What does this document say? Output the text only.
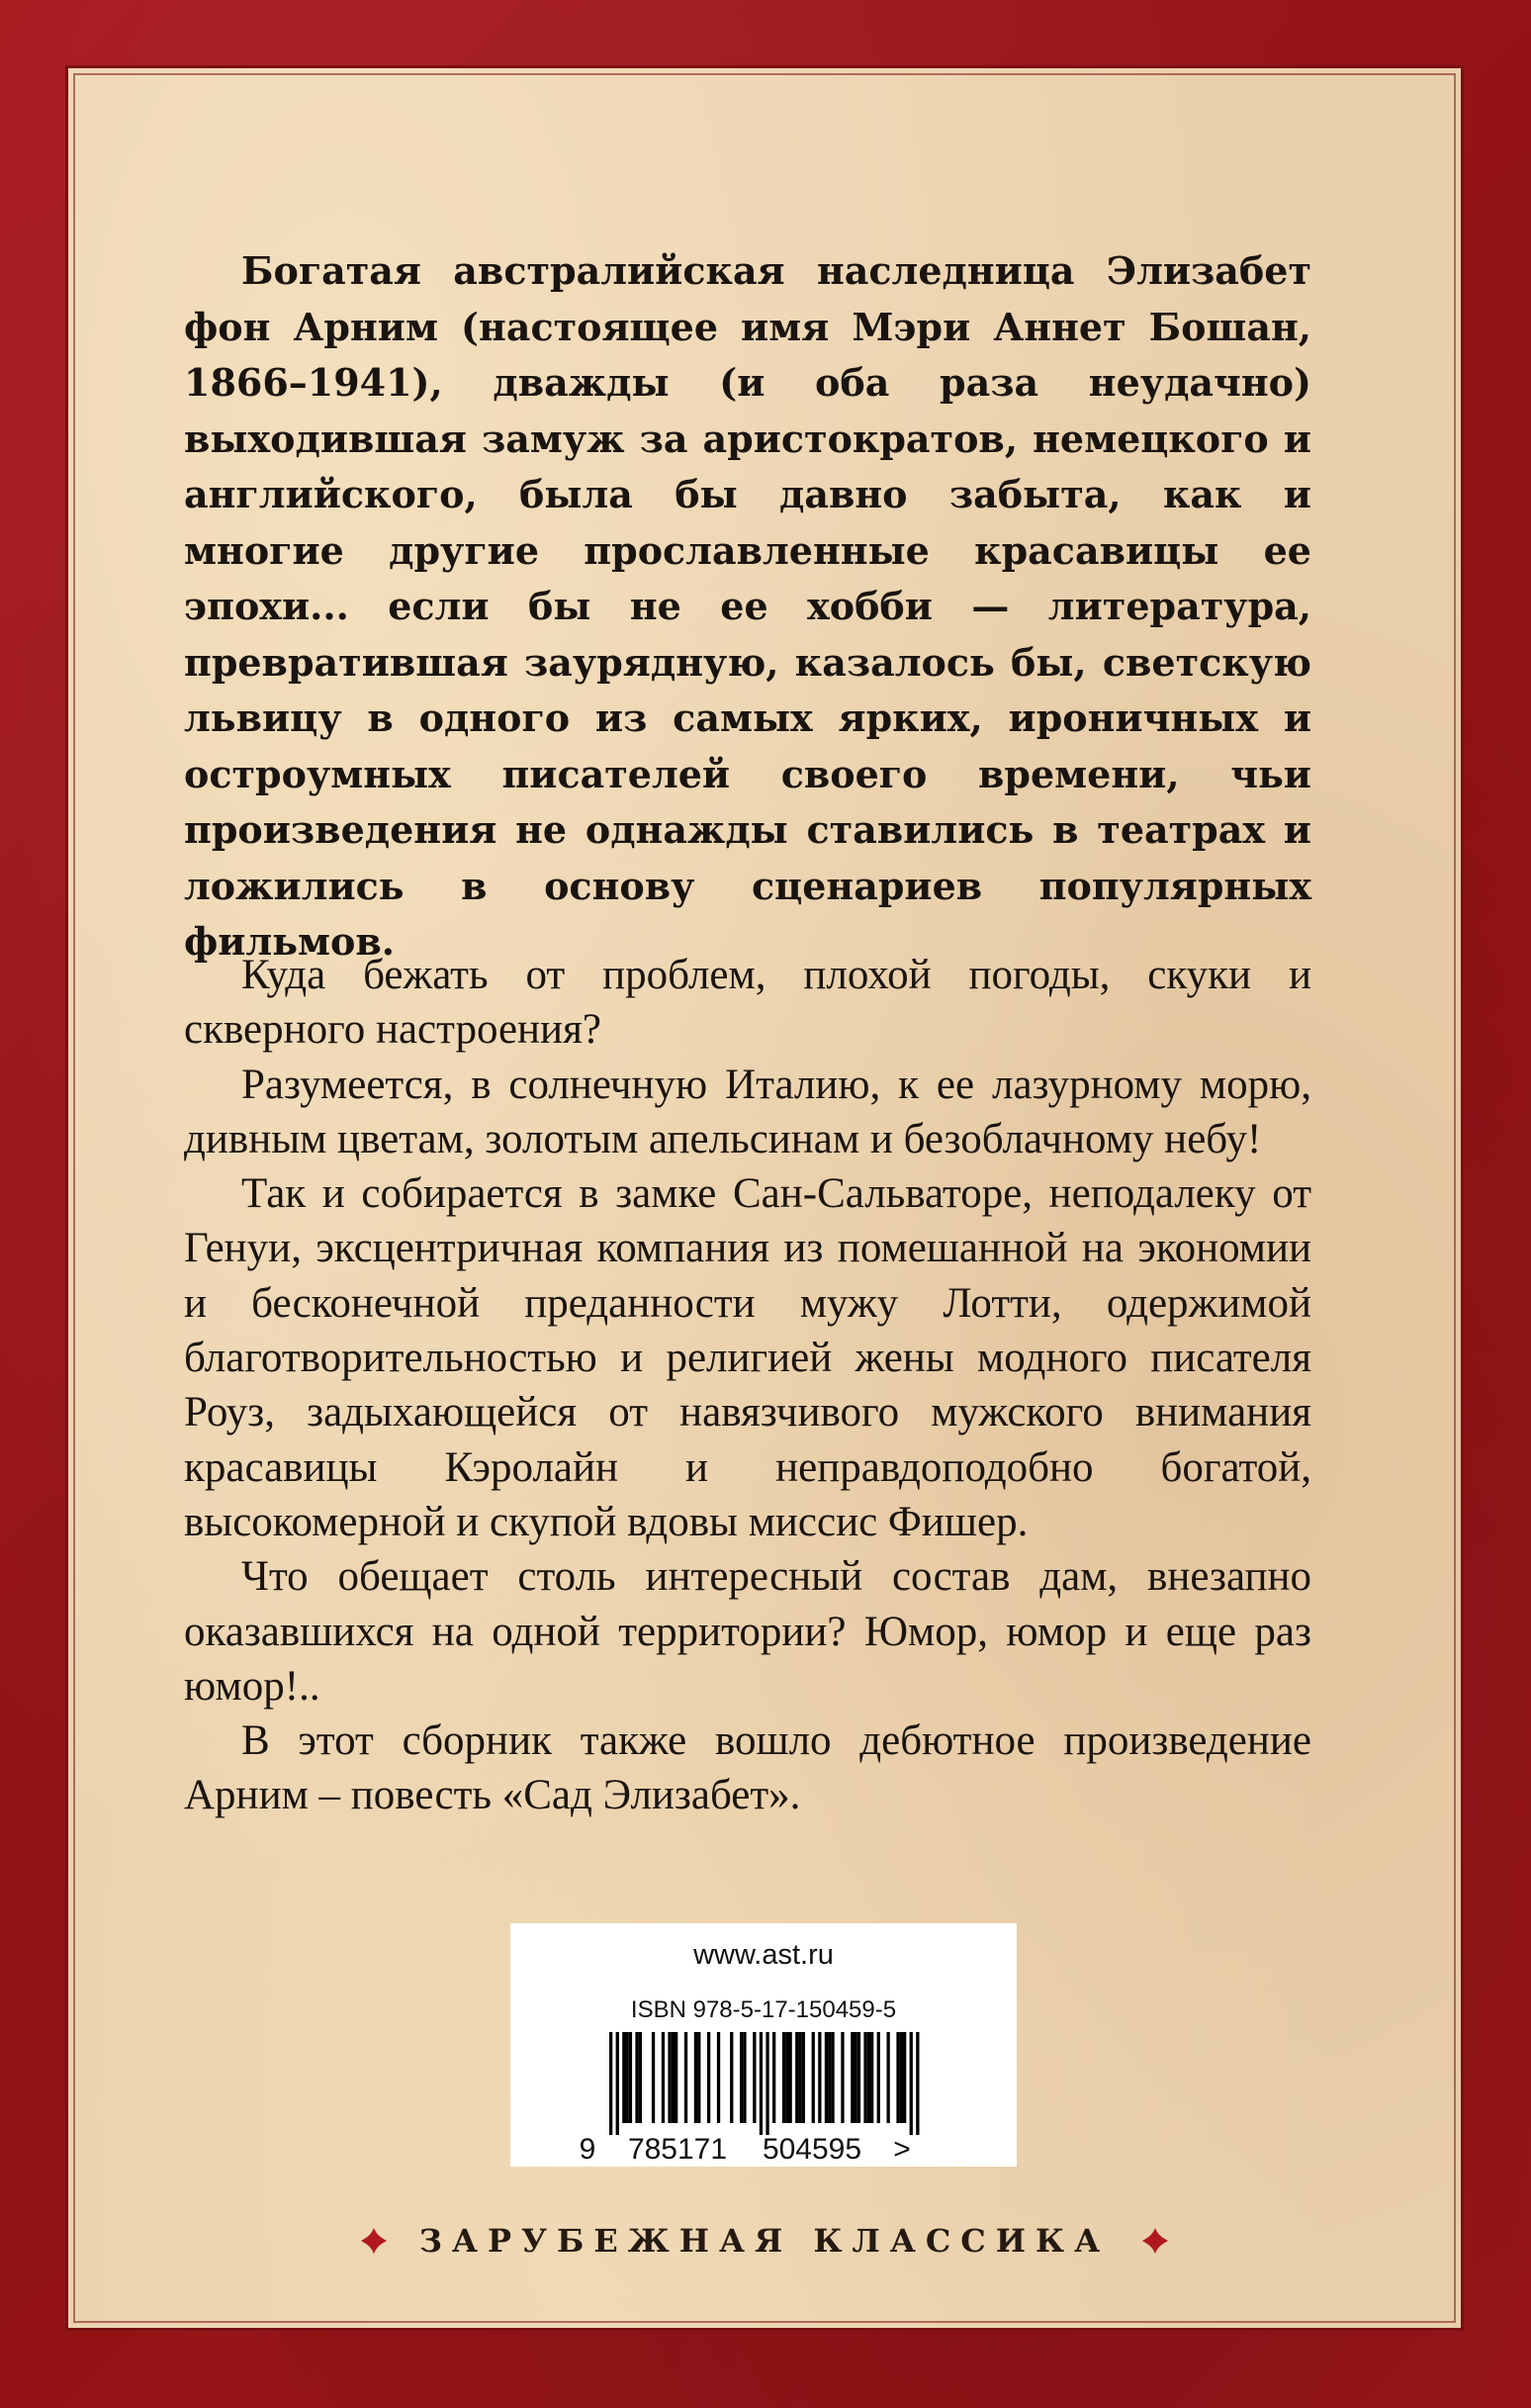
Богатая австралийская наследница Элизабет фон Арним (настоящее имя Мэри Аннет Бошан, 1866–1941), дважды (и оба раза неудачно) выходившая замуж за аристократов, немецкого и английского, была бы давно забыта, как и многие другие прославленные красавицы ее эпохи... если бы не ее хобби — литература, превратившая заурядную, казалось бы, светскую львицу в одного из самых ярких, ироничных и остроумных писателей своего времени, чьи произведения не однажды ставились в театрах и ложились в основу сценариев популярных фильмов.

Куда бежать от проблем, плохой погоды, скуки и скверного настроения?

Разумеется, в солнечную Италию, к ее лазурному морю, дивным цветам, золотым апельсинам и безоблачному небу!

Так и собирается в замке Сан-Сальваторе, неподалеку от Генуи, эксцентричная компания из помешанной на экономии и бесконечной преданности мужу Лотти, одержимой благотворительностью и религией жены модного писателя Роуз, задыхающейся от навязчивого мужского внимания красавицы Кэролайн и неправдоподобно богатой, высокомерной и скупой вдовы миссис Фишер.

Что обещает столь интересный состав дам, внезапно оказавшихся на одной территории? Юмор, юмор и еще раз юмор!..

В этот сборник также вошло дебютное произведение Арним – повесть «Сад Элизабет».

www.ast.ru
ISBN 978-5-17-150459-5
9 785171 504595 >
ЗАРУБЕЖНАЯ КЛАССИКА
